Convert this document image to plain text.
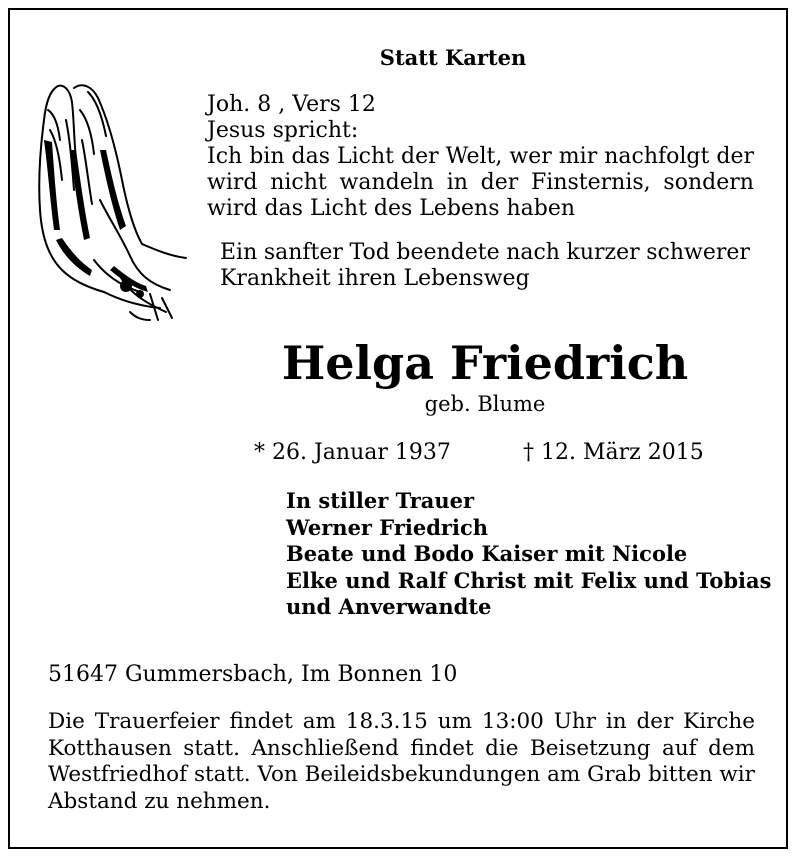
Statt Karten
Joh. 8 , Vers 12
Jesus spricht:
Ich bin das Licht der Welt, wer mir nachfolgt der
wird nicht wandeln in der Finsternis, sondern
wird das Licht des Lebens haben
Ein sanfter Tod beendete nach kurzer schwerer
Krankheit ihren Lebensweg
Helga Friedrich
geb. Blume
* 26. Januar 1937	† 12. März 2015
In stiller Trauer
Werner Friedrich
Beate und Bodo Kaiser mit Nicole
Elke und Ralf Christ mit Felix und Tobias
und Anverwandte
51647 Gummersbach, Im Bonnen 10
Die Trauerfeier findet am 18.3.15 um 13:00 Uhr in der Kirche
Kotthausen statt. Anschließend findet die Beisetzung auf dem
Westfriedhof statt. Von Beileidsbekundungen am Grab bitten wir
Abstand zu nehmen.
